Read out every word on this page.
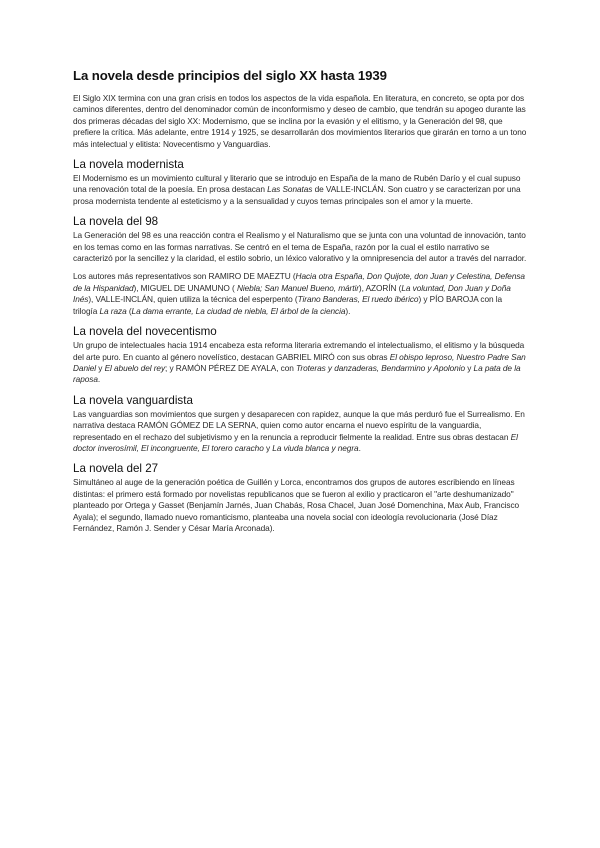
La novela desde principios del siglo XX hasta 1939

El Siglo XIX termina con una gran crisis en todos los aspectos de la vida española. En literatura, en concreto, se opta por dos caminos diferentes, dentro del denominador común de inconformismo y deseo de cambio, que tendrán su apogeo durante las dos primeras décadas del siglo XX: Modernismo, que se inclina por la evasión y el elitismo, y la Generación del 98, que prefiere la crítica. Más adelante, entre 1914 y 1925, se desarrollarán dos movimientos literarios que girarán en torno a un tono más intelectual y elitista: Novecentismo y Vanguardias.

La novela modernista

El Modernismo es un movimiento cultural y literario que se introdujo en España de la mano de Rubén Darío y el cual supuso una renovación total de la poesía. En prosa destacan Las Sonatas de VALLE-INCLÁN. Son cuatro y se caracterizan por una prosa modernista tendente al esteticismo y a la sensualidad y cuyos temas principales son el amor y la muerte.

La novela del 98

La Generación del 98 es una reacción contra el Realismo y el Naturalismo que se junta con una voluntad de innovación, tanto en los temas como en las formas narrativas. Se centró en el tema de España, razón por la cual el estilo narrativo se caracterizó por la sencillez y la claridad, el estilo sobrio, un léxico valorativo y la omnipresencia del autor a través del narrador.

Los autores más representativos son RAMIRO DE MAEZTU (Hacia otra España, Don Quijote, don Juan y Celestina, Defensa de la Hispanidad), MIGUEL DE UNAMUNO ( Niebla; San Manuel Bueno, mártir), AZORÍN (La voluntad, Don Juan y Doña Inés), VALLE-INCLÁN, quien utiliza la técnica del esperpento (Tirano Banderas, El ruedo ibérico) y PÍO BAROJA con la trilogía La raza (La dama errante, La ciudad de niebla, El árbol de la ciencia).

La novela del novecentismo

Un grupo de intelectuales hacia 1914 encabeza esta reforma literaria extremando el intelectualismo, el elitismo y la búsqueda del arte puro. En cuanto al género novelístico, destacan GABRIEL MIRÓ con sus obras El obispo leproso, Nuestro Padre San Daniel y El abuelo del rey; y RAMÓN PÉREZ DE AYALA, con Troteras y danzaderas, Bendarmino y Apolonio y La pata de la raposa.

La novela vanguardista

Las vanguardias son movimientos que surgen y desaparecen con rapidez, aunque la que más perduró fue el Surrealismo. En narrativa destaca RAMÓN GÓMEZ DE LA SERNA, quien como autor encarna el nuevo espíritu de la vanguardia, representado en el rechazo del subjetivismo y en la renuncia a reproducir fielmente la realidad. Entre sus obras destacan El doctor inverosímil, El incongruente, El torero caracho y La viuda blanca y negra.

La novela del 27

Simultáneo al auge de la generación poética de Guillén y Lorca, encontramos dos grupos de autores escribiendo en líneas distintas: el primero está formado por novelistas republicanos que se fueron al exilio y practicaron el "arte deshumanizado" planteado por Ortega y Gasset (Benjamín Jarnés, Juan Chabás, Rosa Chacel, Juan José Domenchina, Max Aub, Francisco Ayala); el segundo, llamado nuevo romanticismo, planteaba una novela social con ideología revolucionaria (José Díaz Fernández, Ramón J. Sender y César María Arconada).
